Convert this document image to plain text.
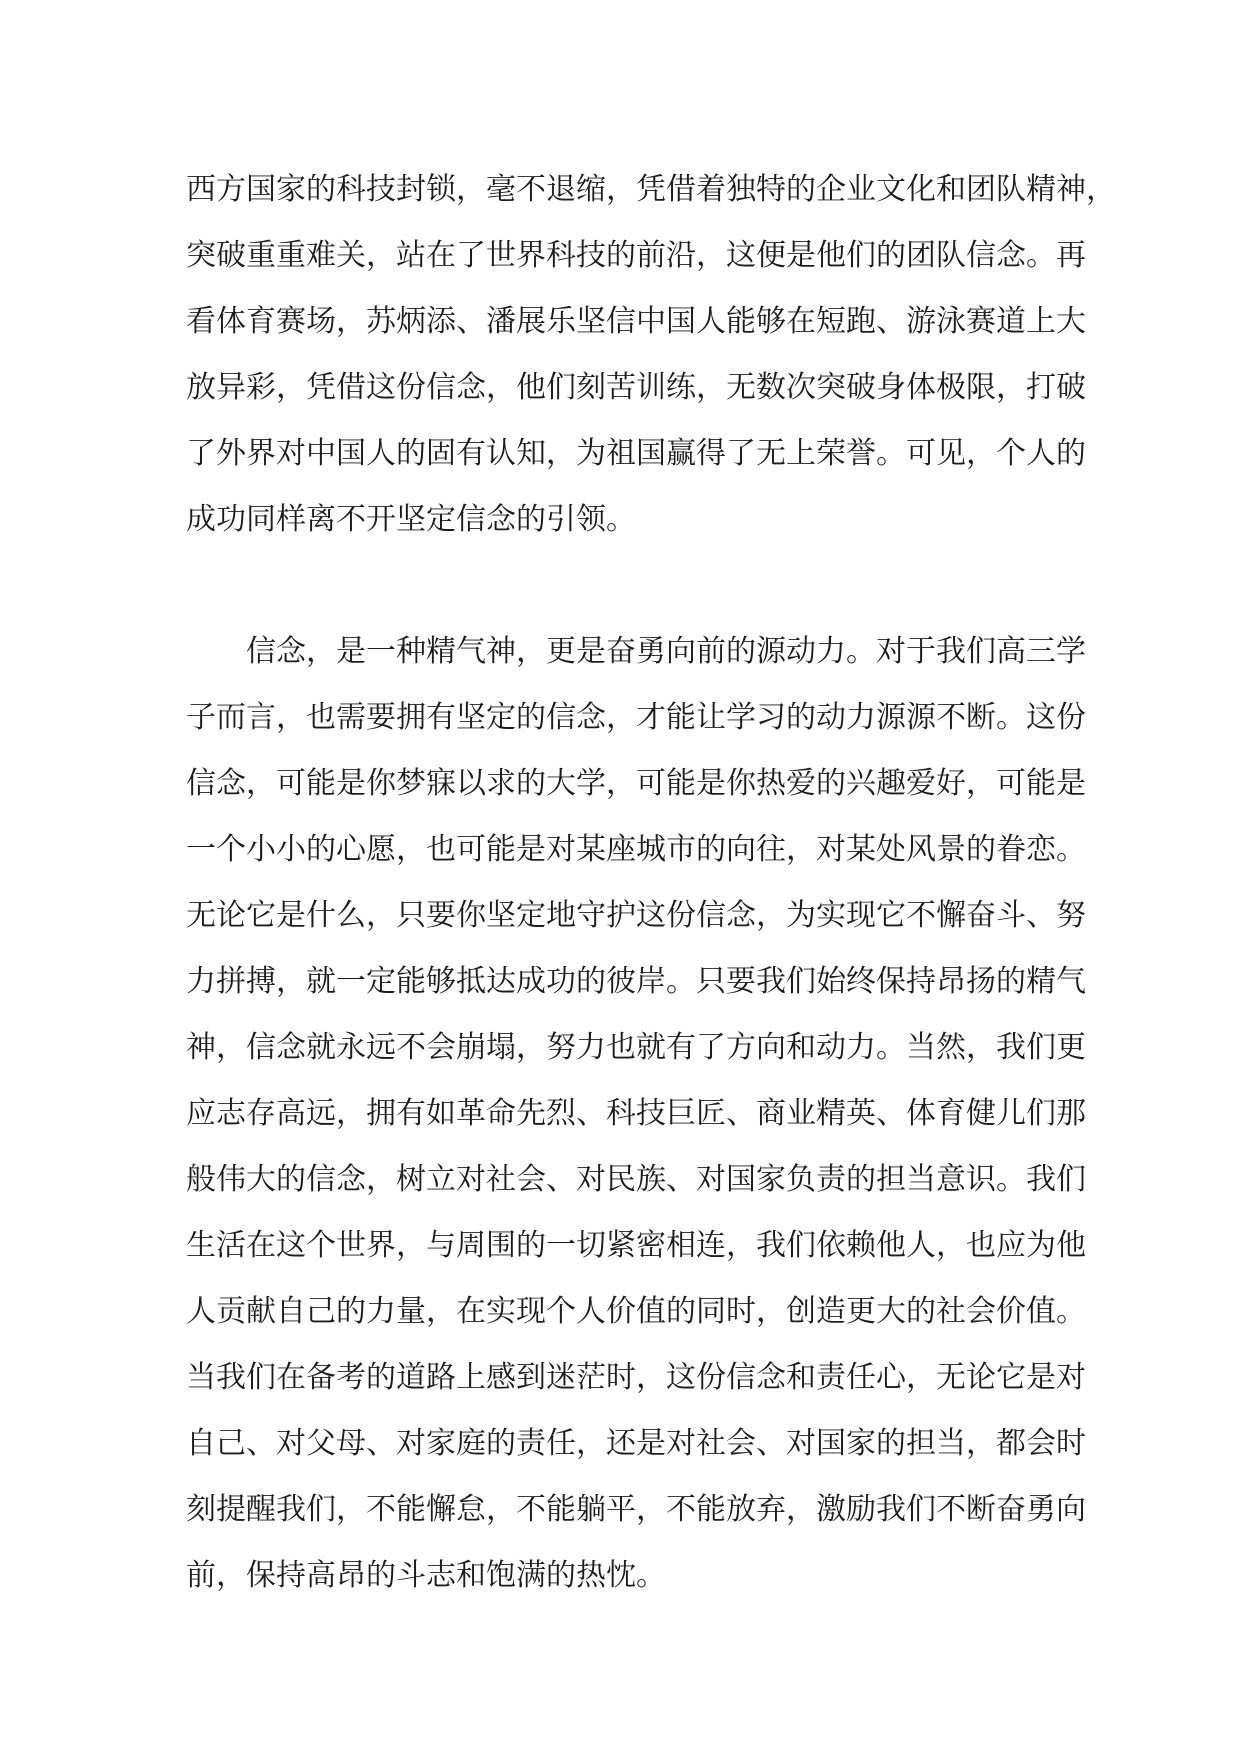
西方国家的科技封锁，毫不退缩，凭借着独特的企业文化和团队精神，
突破重重难关，站在了世界科技的前沿，这便是他们的团队信念。再
看体育赛场，苏炳添、潘展乐坚信中国人能够在短跑、游泳赛道上大
放异彩，凭借这份信念，他们刻苦训练，无数次突破身体极限，打破
了外界对中国人的固有认知，为祖国赢得了无上荣誉。可见，个人的
成功同样离不开坚定信念的引领。
信念，是一种精气神，更是奋勇向前的源动力。对于我们高三学
子而言，也需要拥有坚定的信念，才能让学习的动力源源不断。这份
信念，可能是你梦寐以求的大学，可能是你热爱的兴趣爱好，可能是
一个小小的心愿，也可能是对某座城市的向往，对某处风景的眷恋。
无论它是什么，只要你坚定地守护这份信念，为实现它不懈奋斗、努
力拼搏，就一定能够抵达成功的彼岸。只要我们始终保持昂扬的精气
神，信念就永远不会崩塌，努力也就有了方向和动力。当然，我们更
应志存高远，拥有如革命先烈、科技巨匠、商业精英、体育健儿们那
般伟大的信念，树立对社会、对民族、对国家负责的担当意识。我们
生活在这个世界，与周围的一切紧密相连，我们依赖他人，也应为他
人贡献自己的力量，在实现个人价值的同时，创造更大的社会价值。
当我们在备考的道路上感到迷茫时，这份信念和责任心，无论它是对
自己、对父母、对家庭的责任，还是对社会、对国家的担当，都会时
刻提醒我们，不能懈怠，不能躺平，不能放弃，激励我们不断奋勇向
前，保持高昂的斗志和饱满的热忱。
